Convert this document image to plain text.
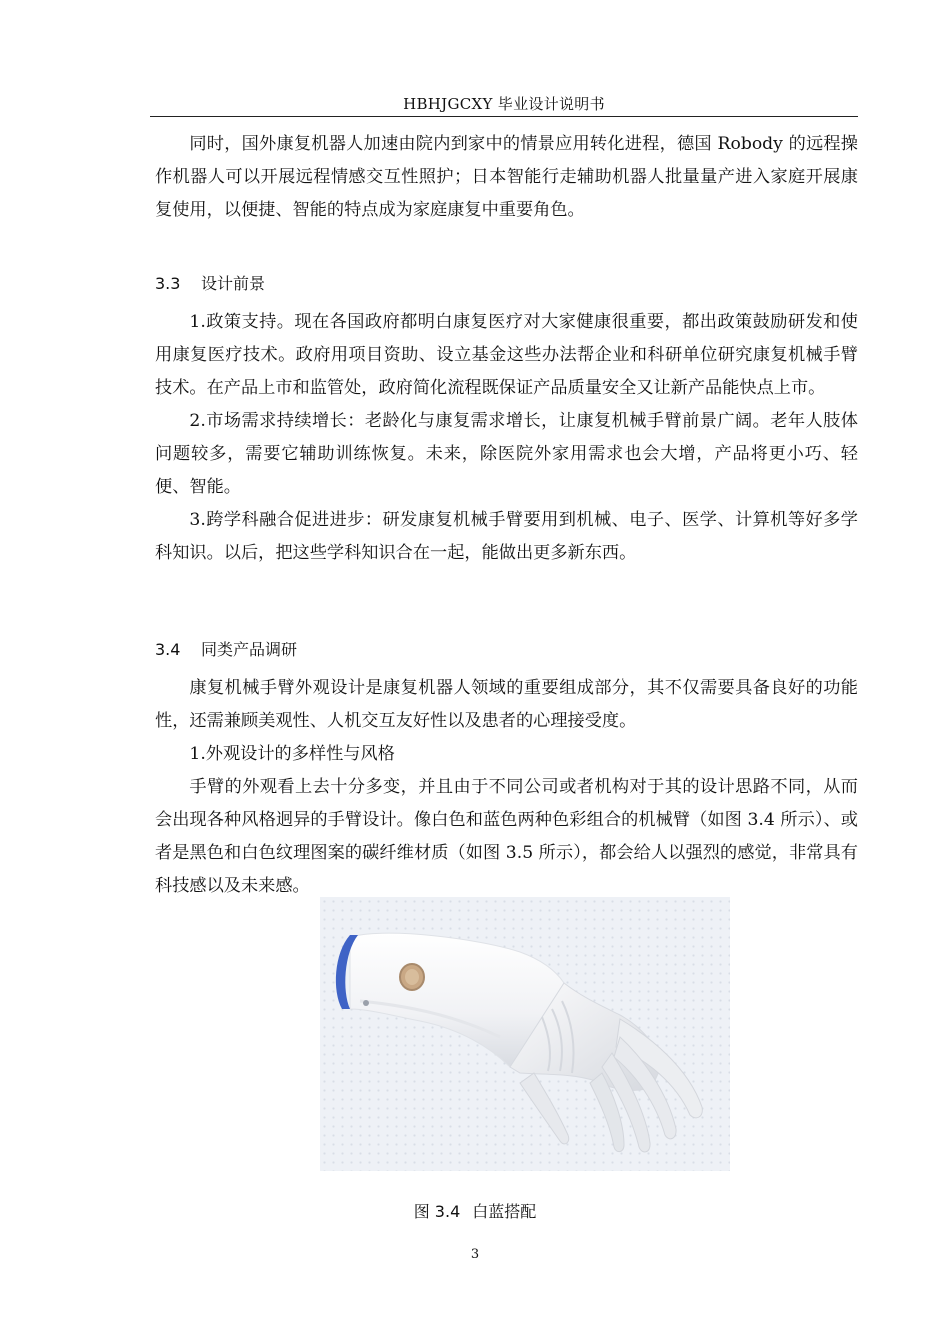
HBHJGCXY 毕业设计说明书

同时，国外康复机器人加速由院内到家中的情景应用转化进程，德国 Robody 的远程操作机器人可以开展远程情感交互性照护；日本智能行走辅助机器人批量量产进入家庭开展康复使用，以便捷、智能的特点成为家庭康复中重要角色。

3.3 设计前景

1.政策支持。现在各国政府都明白康复医疗对大家健康很重要，都出政策鼓励研发和使用康复医疗技术。政府用项目资助、设立基金这些办法帮企业和科研单位研究康复机械手臂技术。在产品上市和监管处，政府简化流程既保证产品质量安全又让新产品能快点上市。

2.市场需求持续增长：老龄化与康复需求增长，让康复机械手臂前景广阔。老年人肢体问题较多，需要它辅助训练恢复。未来，除医院外家用需求也会大增，产品将更小巧、轻便、智能。

3.跨学科融合促进进步：研发康复机械手臂要用到机械、电子、医学、计算机等好多学科知识。以后，把这些学科知识合在一起，能做出更多新东西。

3.4 同类产品调研

康复机械手臂外观设计是康复机器人领域的重要组成部分，其不仅需要具备良好的功能性，还需兼顾美观性、人机交互友好性以及患者的心理接受度。

1.外观设计的多样性与风格

手臂的外观看上去十分多变，并且由于不同公司或者机构对于其的设计思路不同，从而会出现各种风格迥异的手臂设计。像白色和蓝色两种色彩组合的机械臂（如图 3.4 所示）、或者是黑色和白色纹理图案的碳纤维材质（如图 3.5 所示），都会给人以强烈的感觉，非常具有科技感以及未来感。

图 3.4 白蓝搭配
3
